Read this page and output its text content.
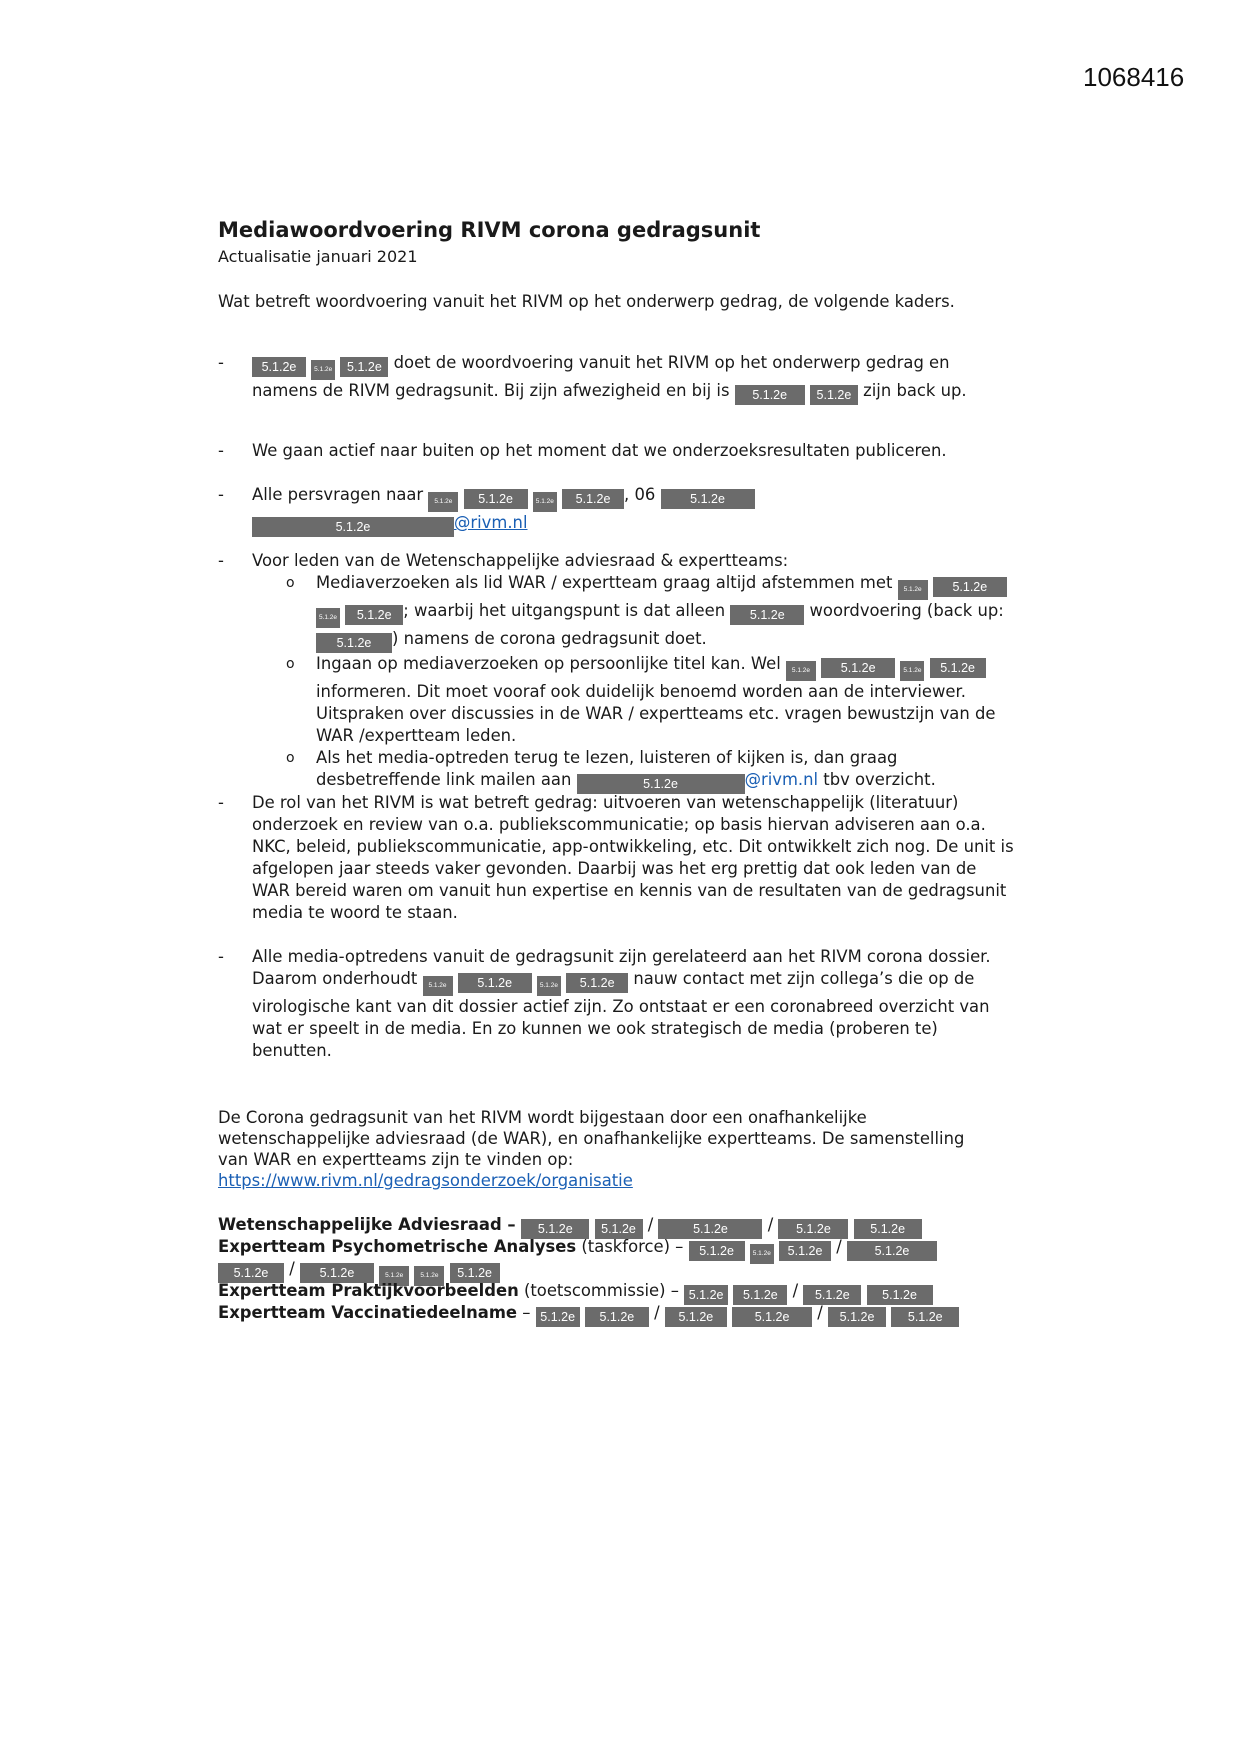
1068416
Mediawoordvoering RIVM corona gedragsunit
Actualisatie januari 2021

Wat betreft woordvoering vanuit het RIVM op het onderwerp gedrag, de volgende kaders.

-	5.1.2e	5.1.2e 5.1.2e doet de woordvoering vanuit het RIVM op het onderwerp gedrag en namens de RIVM gedragsunit. Bij zijn afwezigheid en bij is 5.1.2e 5.1.2e zijn back up.
- We gaan actief naar buiten op het moment dat we onderzoeksresultaten publiceren.
- Alle persvragen naar 5.1.2e 5.1.2e	5.1.2e 5.1.2e , 06 5.1.2e
5.1.2e	@rivm.nl
- Voor leden van de Wetenschappelijke adviesraad & expertteams:
o Mediaverzoeken als lid WAR / expertteam graag altijd afstemmen met 5.1.2e 5.1.2e 5.1.2e 5.1.2e ; waarbij het uitgangspunt is dat alleen 5.1.2e woordvoering (back up: 5.1.2e ) namens de corona gedragsunit doet.
o Ingaan op mediaverzoeken op persoonlijke titel kan. Wel 5.1.2e 5.1.2e	5.1.2e 5.1.2e informeren. Dit moet vooraf ook duidelijk benoemd worden aan de interviewer. Uitspraken over discussies in de WAR / expertteams etc. vragen bewustzijn van de WAR /expertteam leden.
o Als het media-optreden terug te lezen, luisteren of kijken is, dan graag desbetreffende link mailen aan	5.1.2e	@rivm.nl tbv overzicht.
- De rol van het RIVM is wat betreft gedrag: uitvoeren van wetenschappelijk (literatuur) onderzoek en review van o.a. publiekscommunicatie; op basis hiervan adviseren aan o.a. NKC, beleid, publiekscommunicatie, app-ontwikkeling, etc. Dit ontwikkelt zich nog. De unit is afgelopen jaar steeds vaker gevonden. Daarbij was het erg prettig dat ook leden van de WAR bereid waren om vanuit hun expertise en kennis van de resultaten van de gedragsunit media te woord te staan.
- Alle media-optredens vanuit de gedragsunit zijn gerelateerd aan het RIVM corona dossier. Daarom onderhoudt 5.1.2e 5.1.2e	5.1.2e 5.1.2e nauw contact met zijn collega’s die op de virologische kant van dit dossier actief zijn. Zo ontstaat er een coronabreed overzicht van wat er speelt in de media. En zo kunnen we ook strategisch de media (proberen te) benutten.

De Corona gedragsunit van het RIVM wordt bijgestaan door een onafhankelijke wetenschappelijke adviesraad (de WAR), en onafhankelijke expertteams. De samenstelling van WAR en expertteams zijn te vinden op:

https://www.rivm.nl/gedragsonderzoek/organisatie
Wetenschappelijke Adviesraad – 5.1.2e 5.1.2e /	5.1.2e / 5.1.2e	5.1.2e
Expertteam Psychometrische Analyses (taskforce) – 5.1.2e	5.1.2e 5.1.2e /	5.1.2e
5.1.2e / 5.1.2e	5.1.2e	5.1.2e 5.1.2e
Expertteam Praktijkvoorbeelden (toetscommissie) – 5.1.2e 5.1.2e / 5.1.2e	5.1.2e
Expertteam Vaccinatiedeelname – 5.1.2e 5.1.2e / 5.1.2e	5.1.2e / 5.1.2e	5.1.2e
